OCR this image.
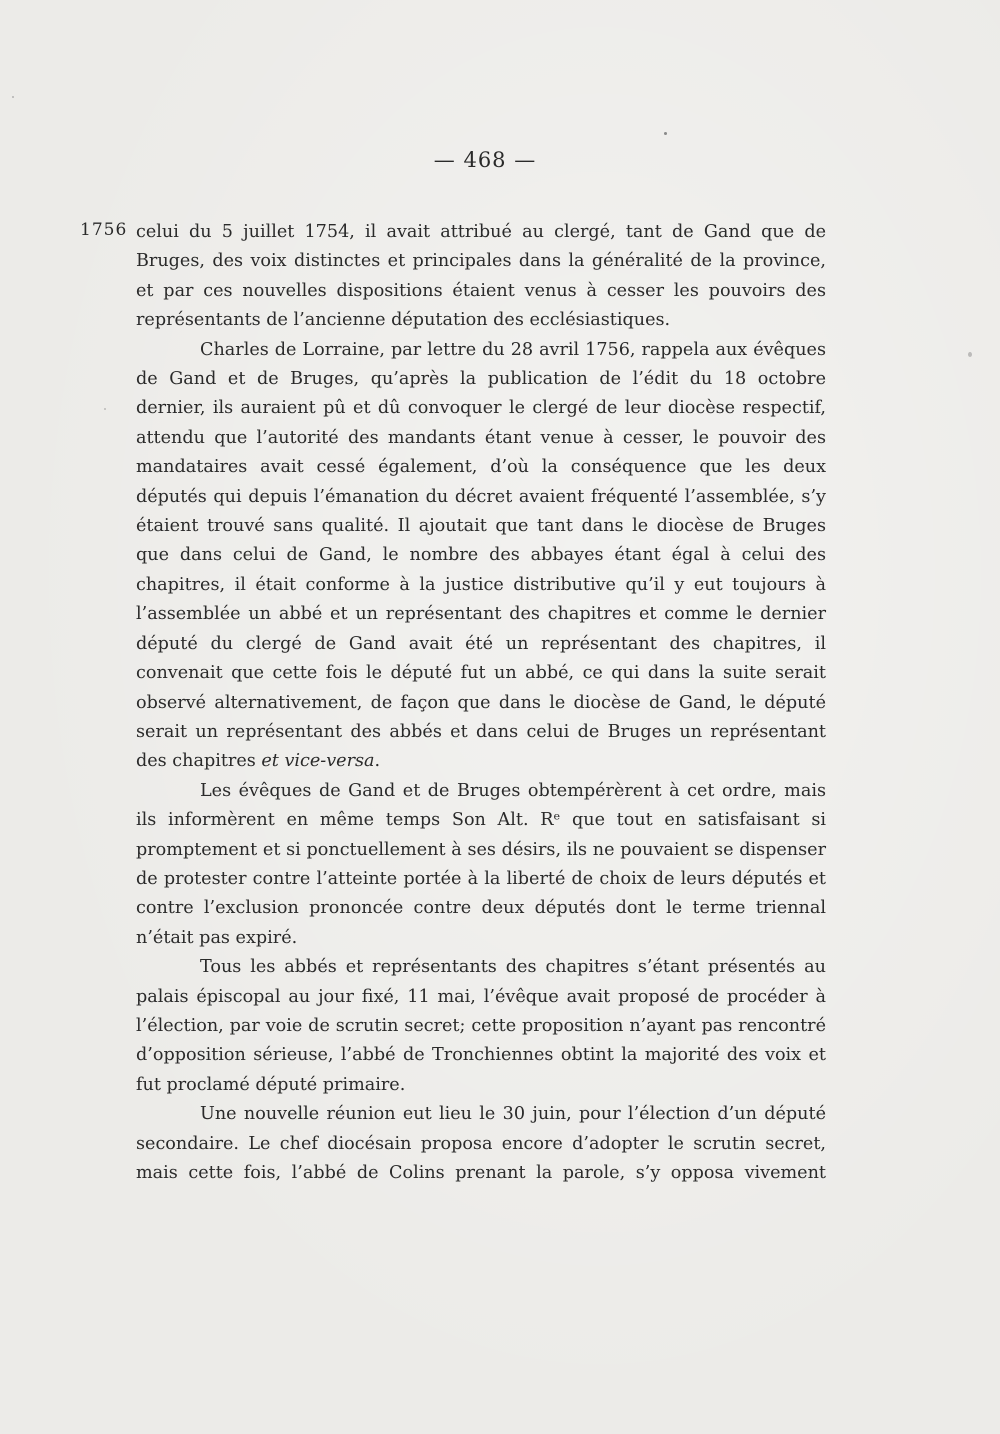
— 468 —
1756 celui du 5 juillet 1754, il avait attribué au clergé, tant de Gand que de Bruges, des voix distinctes et principales dans la généralité de la province, et par ces nouvelles dispositions étaient venus à cesser les pouvoirs des représentants de l’ancienne députation des ecclésiastiques.

Charles de Lorraine, par lettre du 28 avril 1756, rappela aux évêques de Gand et de Bruges, qu’après la publication de l’édit du 18 octobre dernier, ils auraient pû et dû convoquer le clergé de leur diocèse respectif, attendu que l’autorité des mandants étant venue à cesser, le pouvoir des mandataires avait cessé également, d’où la conséquence que les deux députés qui depuis l’émanation du décret avaient fréquenté l’assemblée, s’y étaient trouvé sans qualité. Il ajoutait que tant dans le diocèse de Bruges que dans celui de Gand, le nombre des abbayes étant égal à celui des chapitres, il était conforme à la justice distributive qu’il y eut toujours à l’assemblée un abbé et un représentant des chapitres et comme le dernier député du clergé de Gand avait été un représentant des chapitres, il convenait que cette fois le député fut un abbé, ce qui dans la suite serait observé alternativement, de façon que dans le diocèse de Gand, le député serait un représentant des abbés et dans celui de Bruges un représentant des chapitres et vice-versa.

Les évêques de Gand et de Bruges obtempérèrent à cet ordre, mais ils informèrent en même temps Son Alt. Rᵉ que tout en satisfaisant si promptement et si ponctuellement à ses désirs, ils ne pouvaient se dispenser de protester contre l’atteinte portée à la liberté de choix de leurs députés et contre l’exclusion prononcée contre deux députés dont le terme triennal n’était pas expiré.

Tous les abbés et représentants des chapitres s’étant présentés au palais épiscopal au jour fixé, 11 mai, l’évêque avait proposé de procéder à l’élection, par voie de scrutin secret; cette proposition n’ayant pas rencontré d’opposition sérieuse, l’abbé de Tronchiennes obtint la majorité des voix et fut proclamé député primaire.

Une nouvelle réunion eut lieu le 30 juin, pour l’élection d’un député secondaire. Le chef diocésain proposa encore d’adopter le scrutin secret, mais cette fois, l’abbé de Colins prenant la parole, s’y opposa vivement
